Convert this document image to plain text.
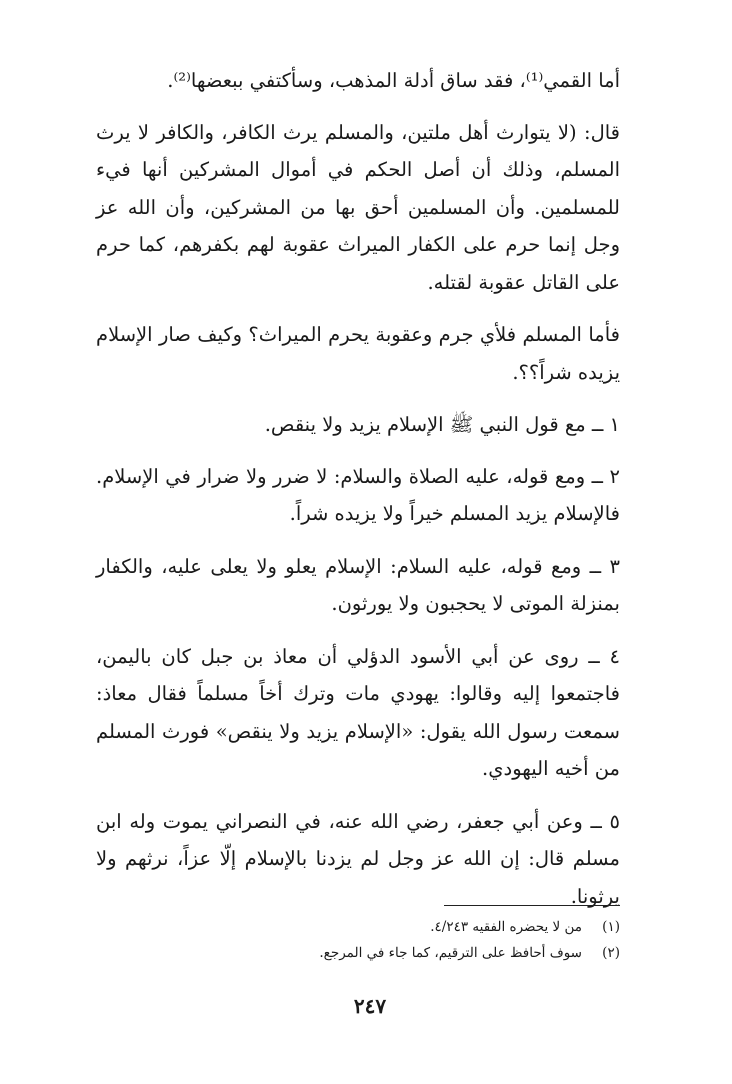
أما القمي⁽¹⁾، فقد ساق أدلة المذهب، وسأكتفي ببعضها⁽²⁾.

قال: (لا يتوارث أهل ملتين، والمسلم يرث الكافر، والكافر لا يرث المسلم، وذلك أن أصل الحكم في أموال المشركين أنها فيء للمسلمين. وأن المسلمين أحق بها من المشركين، وأن الله عز وجل إنما حرم على الكفار الميراث عقوبة لهم بكفرهم، كما حرم على القاتل عقوبة لقتله.

فأما المسلم فلأي جرم وعقوبة يحرم الميراث؟ وكيف صار الإسلام يزيده شراً؟؟.

١ ــ مع قول النبي ﷺ الإسلام يزيد ولا ينقص.

٢ ــ ومع قوله، عليه الصلاة والسلام: لا ضرر ولا ضرار في الإسلام. فالإسلام يزيد المسلم خيراً ولا يزيده شراً.

٣ ــ ومع قوله، عليه السلام: الإسلام يعلو ولا يعلى عليه، والكفار بمنزلة الموتى لا يحجبون ولا يورثون.

٤ ــ روى عن أبي الأسود الدؤلي أن معاذ بن جبل كان باليمن، فاجتمعوا إليه وقالوا: يهودي مات وترك أخاً مسلماً فقال معاذ: سمعت رسول الله يقول: «الإسلام يزيد ولا ينقص» فورث المسلم من أخيه اليهودي.

٥ ــ وعن أبي جعفر، رضي الله عنه، في النصراني يموت وله ابن مسلم قال: إن الله عز وجل لم يزدنا بالإسلام إلّا عزاً، نرثهم ولا يرثونا.

(١)من لا يحضره الفقيه ٤/٢٤٣.
(٢)سوف أحافظ على الترقيم، كما جاء في المرجع.
٢٤٧
